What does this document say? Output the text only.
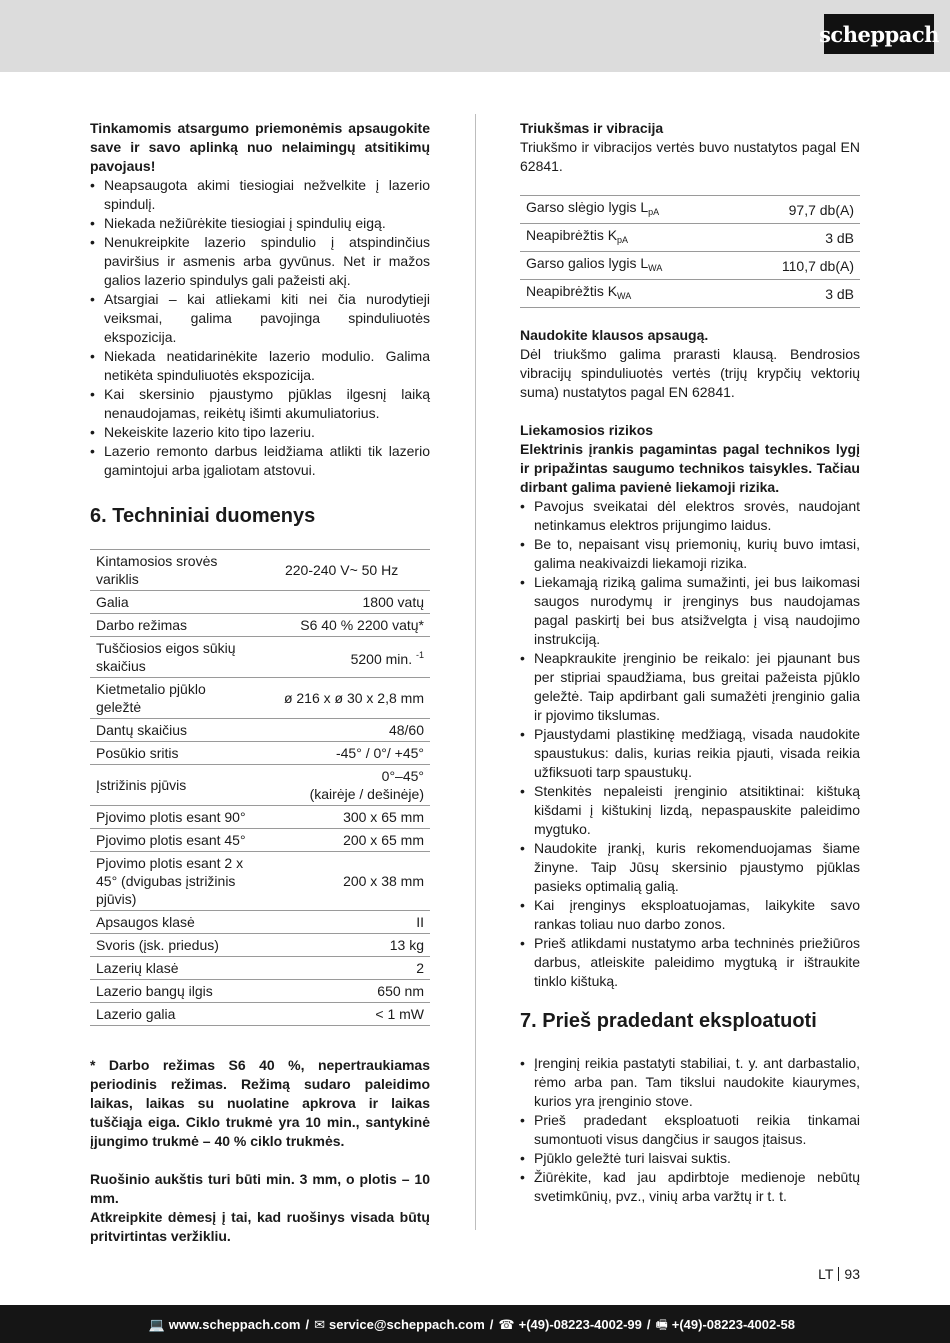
scheppach

Tinkamomis atsargumo priemonėmis apsaugokite save ir savo aplinką nuo nelaimingų atsitikimų pavojaus!

• Neapsaugota akimi tiesiogiai nežvelkite į lazerio spindulį.
• Niekada nežiūrėkite tiesiogiai į spindulių eigą.
• Nenukreipkite lazerio spindulio į atspindinčius paviršius ir asmenis arba gyvūnus. Net ir mažos galios lazerio spindulys gali pažeisti akį.
• Atsargiai – kai atliekami kiti nei čia nurodytieji veiksmai, galima pavojinga spinduliuotės ekspozicija.
• Niekada neatidarinėkite lazerio modulio. Galima netikėta spinduliuotės ekspozicija.
• Kai skersinio pjaustymo pjūklas ilgesnį laiką nenaudojamas, reikėtų išimti akumuliatorius.
• Nekeiskite lazerio kito tipo lazeriu.
• Lazerio remonto darbus leidžiama atlikti tik lazerio gamintojui arba įgaliotam atstovui.
6. Techniniai duomenys
Kintamosios srovės variklis	220-240 V~ 50 Hz
Galia	1800 vatų
Darbo režimas	S6 40 % 2200 vatų*
Tuščiosios eigos sūkių skaičius	5200 min. $^{-1}$
Kietmetalio pjūklo geležtė	ø 216 x ø 30 x 2,8 mm
Dantų skaičius	48/60
Posūkio sritis	-45° / 0°/ +45°
Įstrižinis pjūvis	0°–45°
(kairėje / dešinėje)
Pjovimo plotis esant 90°	300 x 65 mm
Pjovimo plotis esant 45°	200 x 65 mm
Pjovimo plotis esant 2 x 45° (dvigubas įstrižinis pjūvis)	200 x 38 mm
Apsaugos klasė	II
Svoris (įsk. priedus)	13 kg
Lazerių klasė	2
Lazerio bangų ilgis	650 nm
Lazerio galia	< 1 mW

* Darbo režimas S6 40 %, nepertraukiamas periodinis režimas. Režimą sudaro paleidimo laikas, laikas su nuolatine apkrova ir laikas tuščiąja eiga. Ciklo trukmė yra 10 min., santykinė įjungimo trukmė – 40 % ciklo trukmės.

Ruošinio aukštis turi būti min. 3 mm, o plotis – 10 mm.

Atkreipkite dėmesį į tai, kad ruošinys visada būtų pritvirtintas veržikliu.

Triukšmas ir vibracija

Triukšmo ir vibracijos vertės buvo nustatytos pagal EN 62841.

Garso slėgio lygis $L_{pA}$	97,7 db(A)
Neapibrėžtis $K_{pA}$	3 dB
Garso galios lygis $L_{WA}$	110,7 db(A)
Neapibrėžtis $K_{WA}$	3 dB

Naudokite klausos apsaugą.

Dėl triukšmo galima prarasti klausą. Bendrosios vibracijų spinduliuotės vertės (trijų krypčių vektorių suma) nustatytos pagal EN 62841.

Liekamosios rizikos

Elektrinis įrankis pagamintas pagal technikos lygį ir pripažintas saugumo technikos taisykles. Tačiau dirbant galima pavienė liekamoji rizika.

• Pavojus sveikatai dėl elektros srovės, naudojant netinkamus elektros prijungimo laidus.
• Be to, nepaisant visų priemonių, kurių buvo imtasi, galima neakivaizdi liekamoji rizika.
• Liekamąją riziką galima sumažinti, jei bus laikomasi saugos nurodymų ir įrenginys bus naudojamas pagal paskirtį bei bus atsižvelgta į visą naudojimo instrukciją.
• Neapkraukite įrenginio be reikalo: jei pjaunant bus per stipriai spaudžiama, bus greitai pažeista pjūklo geležtė. Taip apdirbant gali sumažėti įrenginio galia ir pjovimo tikslumas.
• Pjaustydami plastikinę medžiagą, visada naudokite spaustukus: dalis, kurias reikia pjauti, visada reikia užfiksuoti tarp spaustukų.
• Stenkitės nepaleisti įrenginio atsitiktinai: kištuką kišdami į kištukinį lizdą, nepaspauskite paleidimo mygtuko.
• Naudokite įrankį, kuris rekomenduojamas šiame žinyne. Taip Jūsų skersinio pjaustymo pjūklas pasieks optimalią galią.
• Kai įrenginys eksploatuojamas, laikykite savo rankas toliau nuo darbo zonos.
• Prieš atlikdami nustatymo arba techninės priežiūros darbus, atleiskite paleidimo mygtuką ir ištraukite tinklo kištuką.
7. Prieš pradedant eksploatuoti
• Įrenginį reikia pastatyti stabiliai, t. y. ant darbastalio, rėmo arba pan. Tam tikslui naudokite kiaurymes, kurios yra įrenginio stove.
• Prieš pradedant eksploatuoti reikia tinkamai sumontuoti visus dangčius ir saugos įtaisus.
• Pjūklo geležtė turi laisvai suktis.
• Žiūrėkite, kad jau apdirbtoje medienoje nebūtų svetimkūnių, pvz., vinių arba varžtų ir t. t.
LT 93
💻 www.scheppach.com / ✉ service@scheppach.com / ☎ +(49)-08223-4002-99 / 🖷 +(49)-08223-4002-58
